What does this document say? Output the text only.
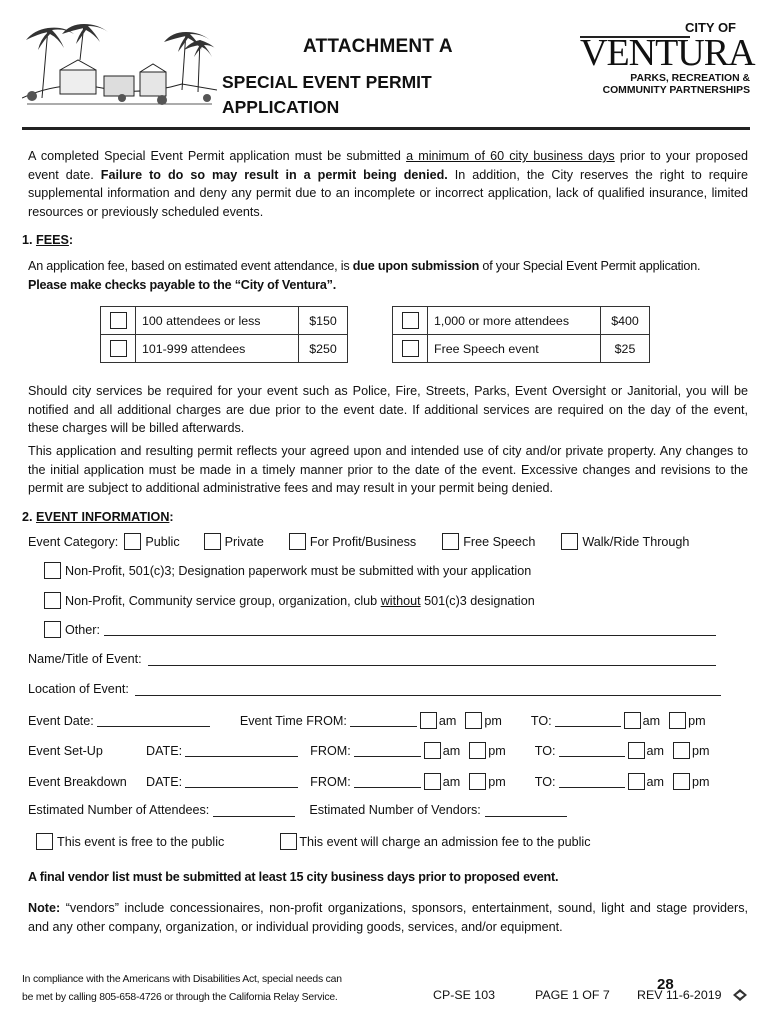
ATTACHMENT A
SPECIAL EVENT PERMIT
APPLICATION
CITY OF
VENTURA
PARKS, RECREATION &
COMMUNITY PARTNERSHIPS

A completed Special Event Permit application must be submitted a minimum of 60 city business days prior to your proposed event date. Failure to do so may result in a permit being denied. In addition, the City reserves the right to require supplemental information and deny any permit due to an incomplete or incorrect application, lack of qualified insurance, limited resources or previously scheduled events.

1. FEES:

An application fee, based on estimated event attendance, is due upon submission of your Special Event Permit application.
Please make checks payable to the “City of Ventura”.

	100 attendees or less	$150
	101-999 attendees	$250
	1,000 or more attendees	$400
	Free Speech event	$25

Should city services be required for your event such as Police, Fire, Streets, Parks, Event Oversight or Janitorial, you will be notified and all additional charges are due prior to the event date. If additional services are required on the day of the event, these charges will be billed afterwards.

This application and resulting permit reflects your agreed upon and intended use of city and/or private property. Any changes to the initial application must be made in a timely manner prior to the date of the event. Excessive changes and revisions to the permit are subject to additional administrative fees and may result in your permit being denied.

2. EVENT INFORMATION:
Event Category: Public	Private	For Profit/Business	Free Speech	Walk/Ride Through
Non-Profit, 501(c)3; Designation paperwork must be submitted with your application
Non-Profit, Community service group, organization, club without 501(c)3 designation
Other:
Name/Title of Event:
Location of Event:
Event Date:	Event Time FROM:	am pm TO:	am pm
Event Set-Up	DATE:	FROM:	am pm TO:	am pm
Event Breakdown	DATE:	FROM:	am pm TO:	am pm
Estimated Number of Attendees:	Estimated Number of Vendors:
This event is free to the public	This event will charge an admission fee to the public
A final vendor list must be submitted at least 15 city business days prior to proposed event.

Note: “vendors” include concessionaires, non-profit organizations, sponsors, entertainment, sound, light and stage providers, and any other company, organization, or individual providing goods, services, and/or equipment.

In compliance with the Americans with Disabilities Act, special needs can
be met by calling 805-658-4726 or through the California Relay Service.	CP-SE 103	PAGE 1 OF 7 REV 11-6-2019
28
